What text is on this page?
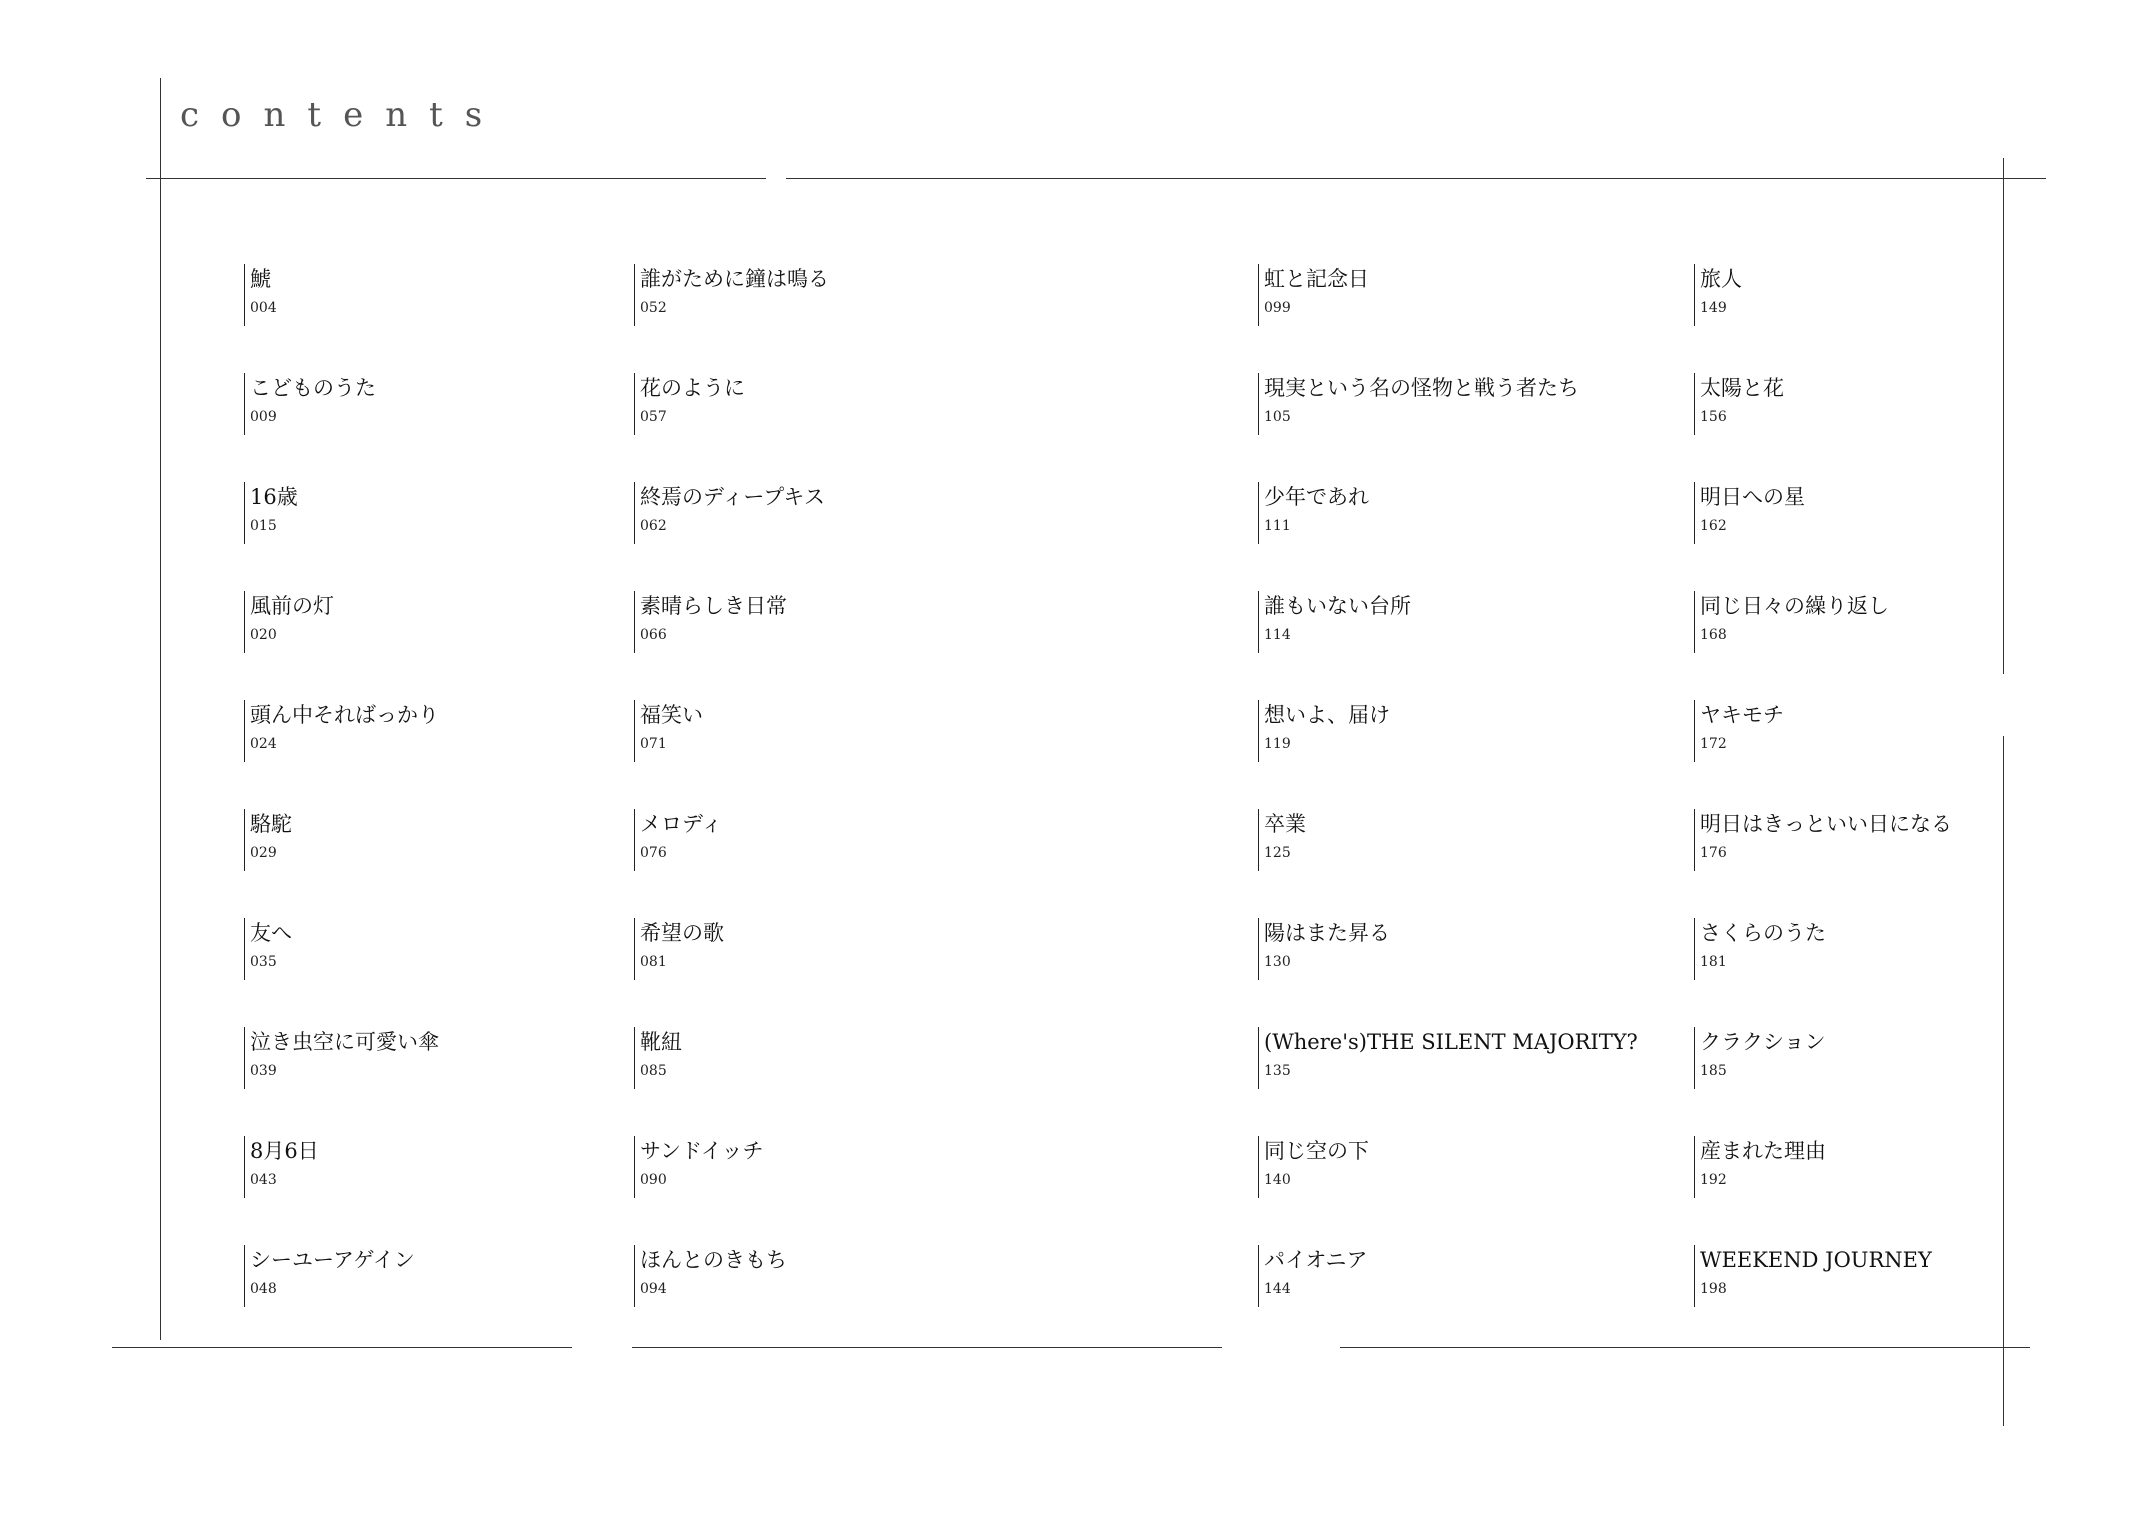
contents
鯱
004
こどものうた
009
16歳
015
風前の灯
020
頭ん中そればっかり
024
駱駝
029
友へ
035
泣き虫空に可愛い傘
039
8月6日
043
シーユーアゲイン
048
誰がために鐘は鳴る
052
花のように
057
終焉のディープキス
062
素晴らしき日常
066
福笑い
071
メロディ
076
希望の歌
081
靴紐
085
サンドイッチ
090
ほんとのきもち
094
虹と記念日
099
現実という名の怪物と戦う者たち
105
少年であれ
111
誰もいない台所
114
想いよ、届け
119
卒業
125
陽はまた昇る
130
(Where's)THE SILENT MAJORITY?
135
同じ空の下
140
パイオニア
144
旅人
149
太陽と花
156
明日への星
162
同じ日々の繰り返し
168
ヤキモチ
172
明日はきっといい日になる
176
さくらのうた
181
クラクション
185
産まれた理由
192
WEEKEND JOURNEY
198
